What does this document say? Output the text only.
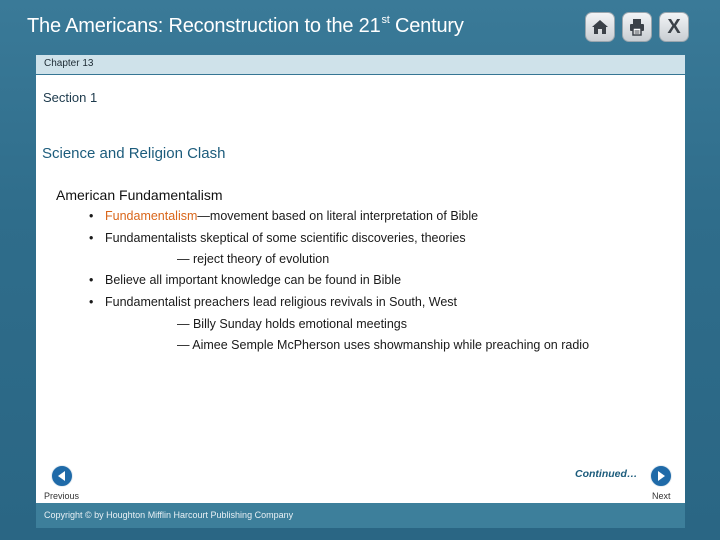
The Americans: Reconstruction to the 21st Century	X
Chapter 13
Section 1
Science and Religion Clash
American Fundamentalism
• Fundamentalism—movement based on literal interpretation of Bible
• Fundamentalists skeptical of some scientific discoveries, theories
— reject theory of evolution
• Believe all important knowledge can be found in Bible
• Fundamentalist preachers lead religious revivals in South, West
— Billy Sunday holds emotional meetings
— Aimee Semple McPherson uses showmanship while preaching on radio
Previous
Continued…
Next
Copyright © by Houghton Mifflin Harcourt Publishing Company
